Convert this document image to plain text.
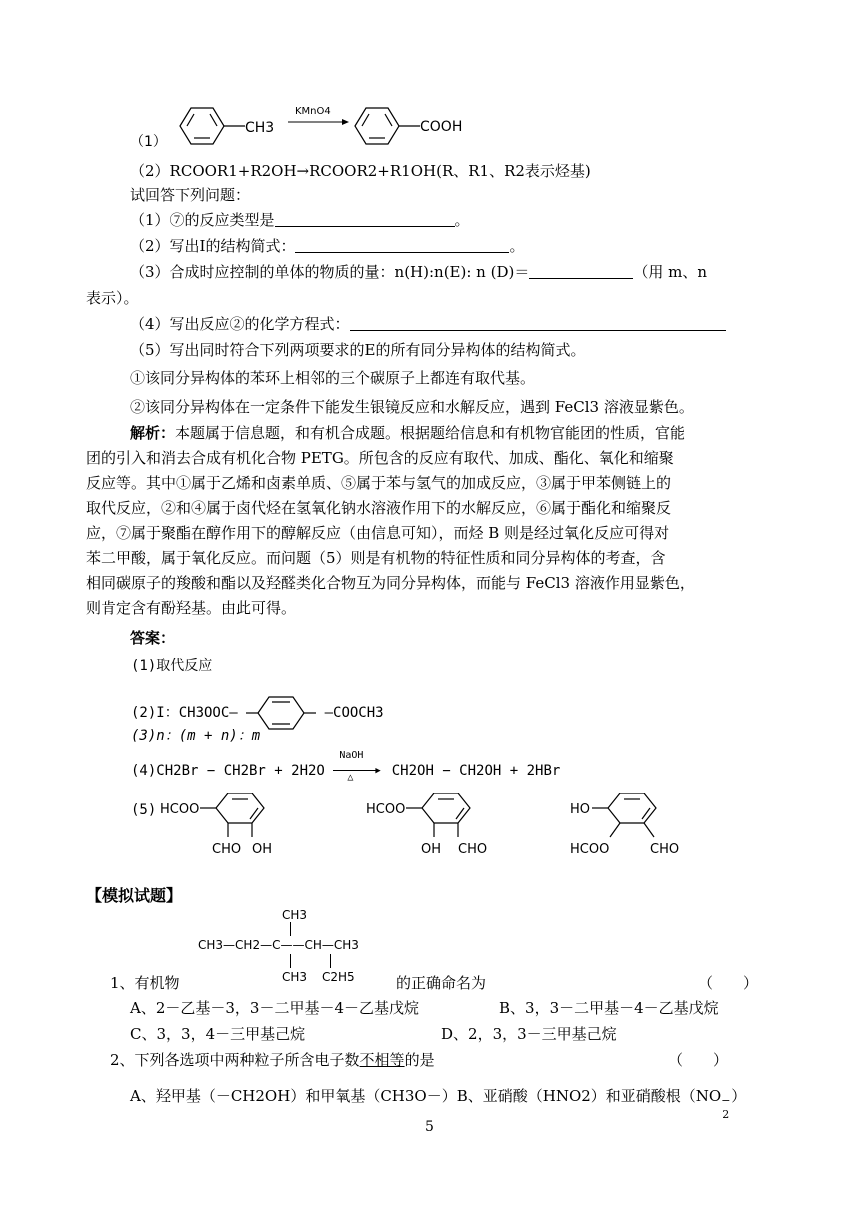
（1）
CH3
KMnO4
COOH
（2）RCOOR1+R2OH→RCOOR2+R1OH(R、R1、R2表示烃基)
试回答下列问题：
（1）⑦的反应类型是	。
（2）写出I的结构简式：	。
（3）合成时应控制的单体的物质的量：n(H):n(E): n (D)＝	（用 m、n
表示）。
（4）写出反应②的化学方程式：
（5）写出同时符合下列两项要求的E的所有同分异构体的结构简式。
①该同分异构体的苯环上相邻的三个碳原子上都连有取代基。
②该同分异构体在一定条件下能发生银镜反应和水解反应，遇到 FeCl3 溶液显紫色。
解析：本题属于信息题，和有机合成题。根据题给信息和有机物官能团的性质，官能
团的引入和消去合成有机化合物 PETG。所包含的反应有取代、加成、酯化、氧化和缩聚
反应等。其中①属于乙烯和卤素单质、⑤属于苯与氢气的加成反应，③属于甲苯侧链上的
取代反应，②和④属于卤代烃在氢氧化钠水溶液作用下的水解反应，⑥属于酯化和缩聚反
应，⑦属于聚酯在醇作用下的醇解反应（由信息可知），而烃 B 则是经过氧化反应可得对
苯二甲酸，属于氧化反应。而问题（5）则是有机物的特征性质和同分异构体的考查，含
相同碳原子的羧酸和酯以及羟醛类化合物互为同分异构体，而能与 FeCl3 溶液作用显紫色，
则肯定含有酚羟基。由此可得。
答案：
(1)取代反应
(2)I：CH3OOC—	—COOCH3
(3)n：(m + n)：m
(4)CH2Br − CH2Br + 2H2O
NaOH
▶
△	CH2OH − CH2OH + 2HBr
(5) HCOO
CHO OH
HCOO
OH CHO
HO
HCOO	CHO
【模拟试题】
CH3
CH3—CH2—C——CH—CH3
CH3 C2H5
1、有机物	的正确命名为	（　　）
A、2－乙基－3，3－二甲基－4－乙基戊烷	B、3，3－二甲基－4－乙基戊烷
C、3，3，4－三甲基己烷	D、2，3，3－三甲基己烷
2、下列各选项中两种粒子所含电子数不相等的是	（　　）
A、羟甲基（－CH2OH）和甲氧基（CH3O－）B、亚硝酸（HNO2）和亚硝酸根（NO −
2
）
5
